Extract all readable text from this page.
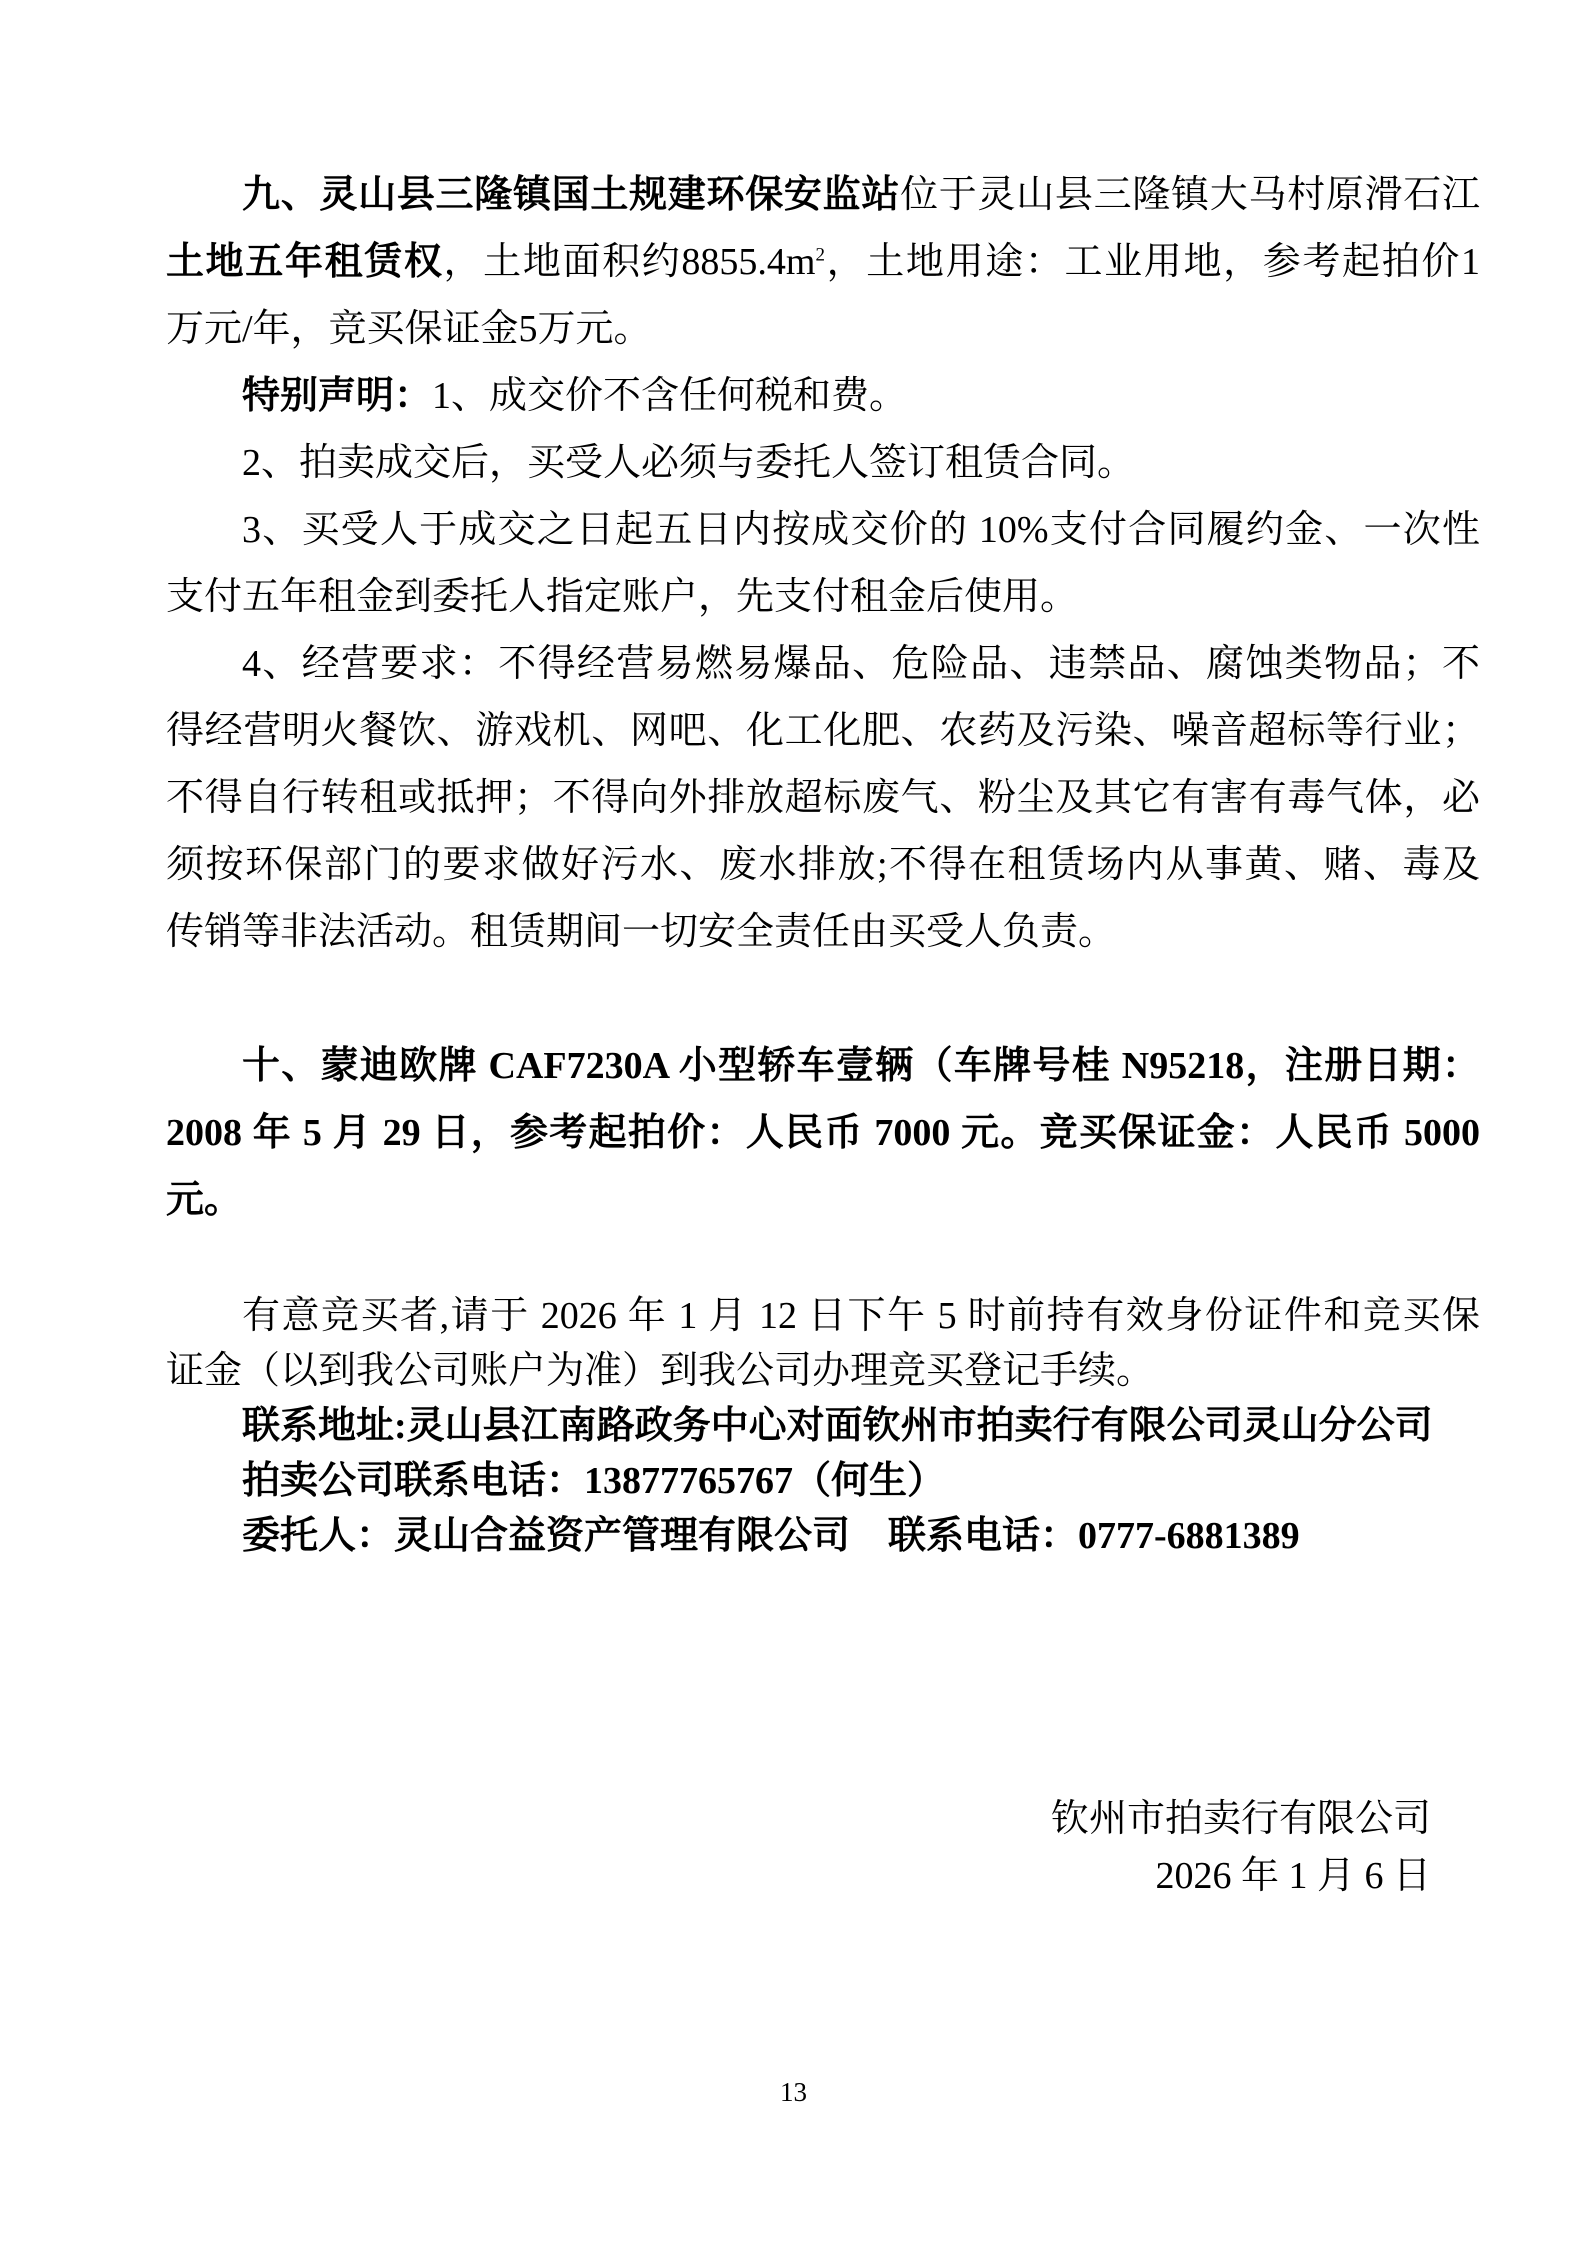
九、灵山县三隆镇国土规建环保安监站位于灵山县三隆镇大马村原滑石江
土地五年租赁权，土地面积约$8855.4m^2$，土地用途：工业用地，参考起拍价1
万元/年，竞买保证金5万元。
特别声明：1、成交价不含任何税和费。
2、拍卖成交后，买受人必须与委托人签订租赁合同。
3、买受人于成交之日起五日内按成交价的 10%支付合同履约金、一次性
支付五年租金到委托人指定账户，先支付租金后使用。
4、经营要求：不得经营易燃易爆品、危险品、违禁品、腐蚀类物品；不
得经营明火餐饮、游戏机、网吧、化工化肥、农药及污染、噪音超标等行业；
不得自行转租或抵押；不得向外排放超标废气、粉尘及其它有害有毒气体，必
须按环保部门的要求做好污水、废水排放;不得在租赁场内从事黄、赌、毒及
传销等非法活动。租赁期间一切安全责任由买受人负责。
十、蒙迪欧牌 CAF7230A 小型轿车壹辆（车牌号桂 N95218，注册日期：
2008 年 5 月 29 日，参考起拍价：人民币 7000 元。竞买保证金：人民币 5000
元。
有意竞买者,请于 2026 年 1 月 12 日下午 5 时前持有效身份证件和竞买保
证金（以到我公司账户为准）到我公司办理竞买登记手续。
联系地址:灵山县江南路政务中心对面钦州市拍卖行有限公司灵山分公司
拍卖公司联系电话：13877765767（何生）
委托人：灵山合益资产管理有限公司　联系电话：0777-6881389
钦州市拍卖行有限公司
2026 年 1 月 6 日
13
